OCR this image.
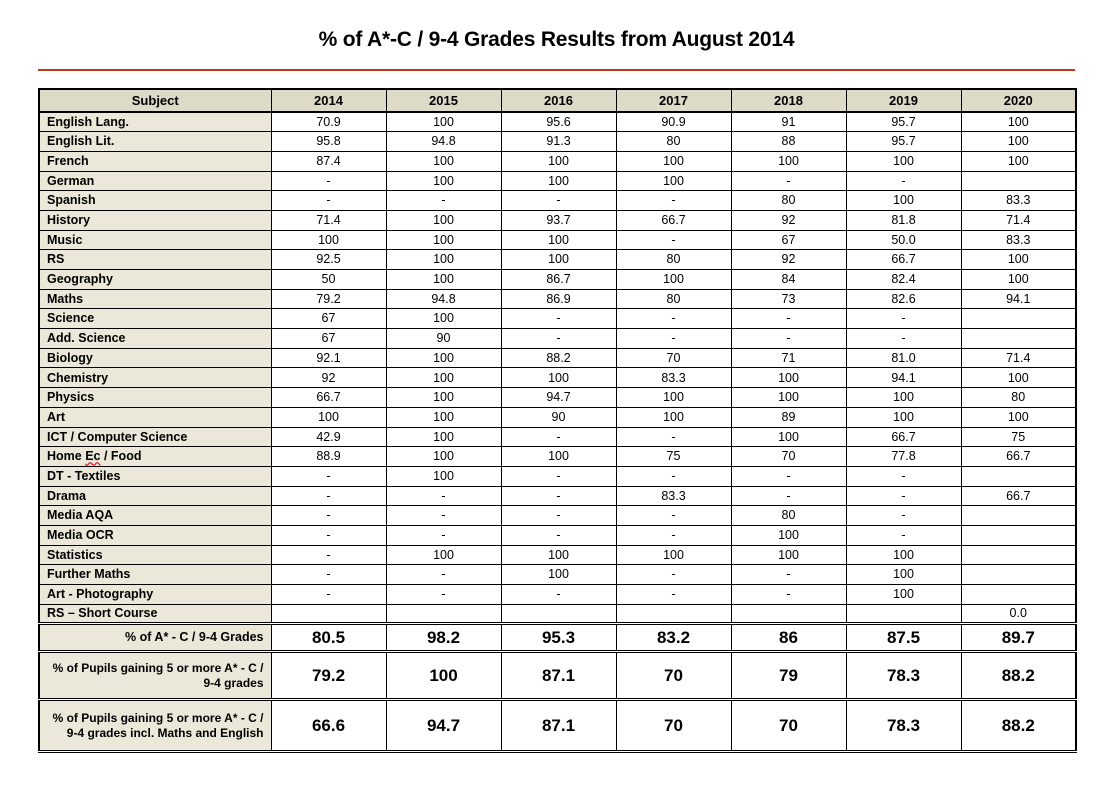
% of A*-C / 9-4 Grades Results from August 2014
Subject	2014	2015	2016	2017	2018	2019	2020
English Lang.	70.9	100	95.6	90.9	91	95.7	100
English Lit.	95.8	94.8	91.3	80	88	95.7	100
French	87.4	100	100	100	100	100	100
German	-	100	100	100	-	-	
Spanish	-	-	-	-	80	100	83.3
History	71.4	100	93.7	66.7	92	81.8	71.4
Music	100	100	100	-	67	50.0	83.3
RS	92.5	100	100	80	92	66.7	100
Geography	50	100	86.7	100	84	82.4	100
Maths	79.2	94.8	86.9	80	73	82.6	94.1
Science	67	100	-	-	-	-	
Add. Science	67	90	-	-	-	-	
Biology	92.1	100	88.2	70	71	81.0	71.4
Chemistry	92	100	100	83.3	100	94.1	100
Physics	66.7	100	94.7	100	100	100	80
Art	100	100	90	100	89	100	100
ICT / Computer Science	42.9	100	-	-	100	66.7	75
Home Ec / Food	88.9	100	100	75	70	77.8	66.7
DT - Textiles	-	100	-	-	-	-	
Drama	-	-	-	83.3	-	-	66.7
Media AQA	-	-	-	-	80	-	
Media OCR	-	-	-	-	100	-	
Statistics	-	100	100	100	100	100	
Further Maths	-	-	100	-	-	100	
Art - Photography	-	-	-	-	-	100	
RS – Short Course							0.0
% of A* - C / 9-4 Grades	80.5	98.2	95.3	83.2	86	87.5	89.7
% of Pupils gaining 5 or more A* - C / 9-4 grades	79.2	100	87.1	70	79	78.3	88.2
% of Pupils gaining 5 or more A* - C / 9-4 grades incl. Maths and English	66.6	94.7	87.1	70	70	78.3	88.2
